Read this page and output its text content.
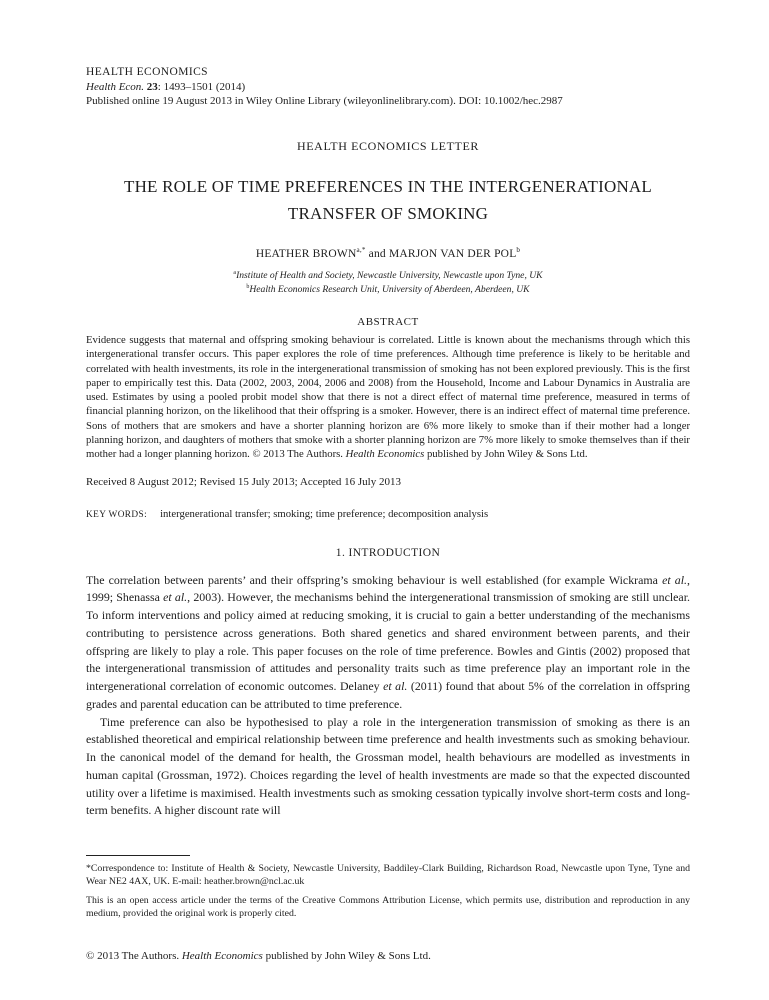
HEALTH ECONOMICS
Health Econ. 23: 1493–1501 (2014)
Published online 19 August 2013 in Wiley Online Library (wileyonlinelibrary.com). DOI: 10.1002/hec.2987
HEALTH ECONOMICS LETTER
THE ROLE OF TIME PREFERENCES IN THE INTERGENERATIONAL TRANSFER OF SMOKING
HEATHER $BROWN^{a,*}$ and MARJON VAN DER POL$^b$
$^a$Institute of Health and Society, Newcastle University, Newcastle upon Tyne, UK
$^b$Health Economics Research Unit, University of Aberdeen, Aberdeen, UK
ABSTRACT

Evidence suggests that maternal and offspring smoking behaviour is correlated. Little is known about the mechanisms through which this intergenerational transfer occurs. This paper explores the role of time preferences. Although time preference is likely to be heritable and correlated with health investments, its role in the intergenerational transmission of smoking has not been explored previously. This is the first paper to empirically test this. Data (2002, 2003, 2004, 2006 and 2008) from the Household, Income and Labour Dynamics in Australia are used. Estimates by using a pooled probit model show that there is not a direct effect of maternal time preference, measured in terms of financial planning horizon, on the likelihood that their offspring is a smoker. However, there is an indirect effect of maternal time preference. Sons of mothers that are smokers and have a shorter planning horizon are 6% more likely to smoke than if their mother had a longer planning horizon, and daughters of mothers that smoke with a shorter planning horizon are 7% more likely to smoke themselves than if their mother had a longer planning horizon. © 2013 The Authors. Health Economics published by John Wiley & Sons Ltd.

Received 8 August 2012; Revised 15 July 2013; Accepted 16 July 2013
KEY WORDS: intergenerational transfer; smoking; time preference; decomposition analysis
1. INTRODUCTION

The correlation between parents’ and their offspring’s smoking behaviour is well established (for example Wickrama et al., 1999; Shenassa et al., 2003). However, the mechanisms behind the intergenerational transmission of smoking are still unclear. To inform interventions and policy aimed at reducing smoking, it is crucial to gain a better understanding of the mechanisms contributing to persistence across generations. Both shared genetics and shared environment between parents, and their offspring are likely to play a role. This paper focuses on the role of time preference. Bowles and Gintis (2002) proposed that the intergenerational transmission of attitudes and personality traits such as time preference play an important role in the intergenerational correlation of economic outcomes. Delaney et al. (2011) found that about 5% of the correlation in offspring grades and parental education can be attributed to time preference.

Time preference can also be hypothesised to play a role in the intergeneration transmission of smoking as there is an established theoretical and empirical relationship between time preference and health investments such as smoking behaviour. In the canonical model of the demand for health, the Grossman model, health behaviours are modelled as investments in human capital (Grossman, 1972). Choices regarding the level of health investments are made so that the expected discounted utility over a lifetime is maximised. Health investments such as smoking cessation typically involve short-term costs and long-term benefits. A higher discount rate will

*Correspondence to: Institute of Health & Society, Newcastle University, Baddiley-Clark Building, Richardson Road, Newcastle upon Tyne, Tyne and Wear NE2 4AX, UK. E-mail: heather.brown@ncl.ac.uk
This is an open access article under the terms of the Creative Commons Attribution License, which permits use, distribution and reproduction in any medium, provided the original work is properly cited.
© 2013 The Authors. Health Economics published by John Wiley & Sons Ltd.
